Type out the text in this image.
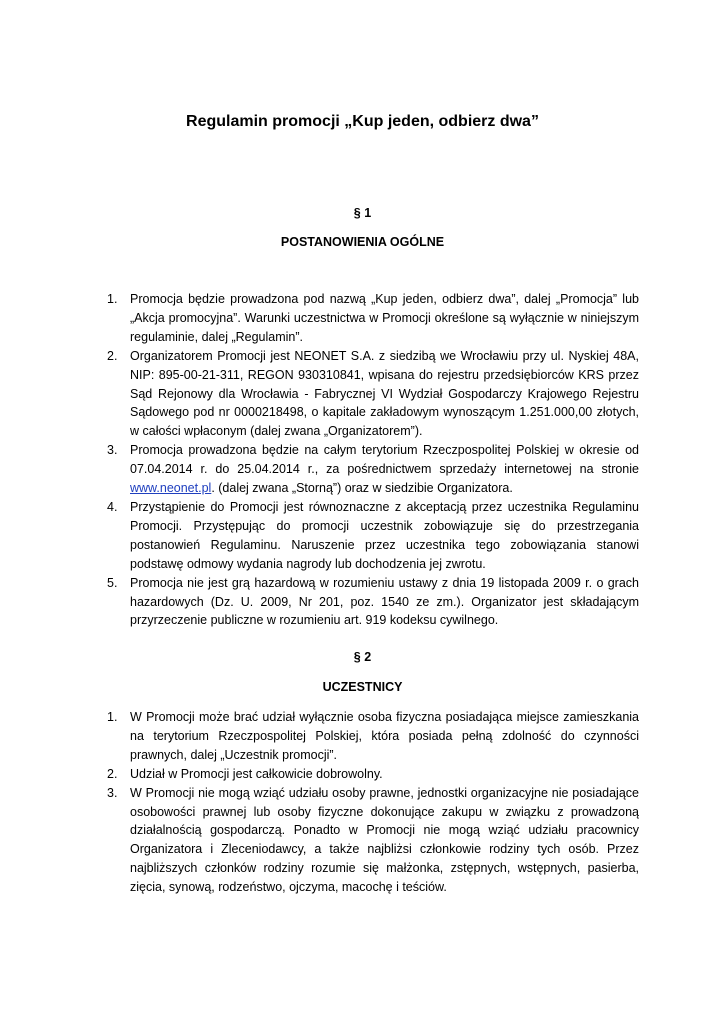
Regulamin promocji „Kup jeden, odbierz dwa”
§ 1
POSTANOWIENIA OGÓLNE
1. Promocja będzie prowadzona pod nazwą „Kup jeden, odbierz dwa”, dalej „Promocja” lub „Akcja promocyjna”. Warunki uczestnictwa w Promocji określone są wyłącznie w niniejszym regulaminie, dalej „Regulamin”.
2. Organizatorem Promocji jest NEONET S.A. z siedzibą we Wrocławiu przy ul. Nyskiej 48A, NIP: 895-00-21-311, REGON 930310841, wpisana do rejestru przedsiębiorców KRS przez Sąd Rejonowy dla Wrocławia - Fabrycznej VI Wydział Gospodarczy Krajowego Rejestru Sądowego pod nr 0000218498, o kapitale zakładowym wynoszącym 1.251.000,00 złotych, w całości wpłaconym (dalej zwana „Organizatorem”).
3. Promocja prowadzona będzie na całym terytorium Rzeczpospolitej Polskiej w okresie od 07.04.2014 r. do 25.04.2014 r., za pośrednictwem sprzedaży internetowej na stronie www.neonet.pl. (dalej zwana „Storną”) oraz w siedzibie Organizatora.
4. Przystąpienie do Promocji jest równoznaczne z akceptacją przez uczestnika Regulaminu Promocji. Przystępując do promocji uczestnik zobowiązuje się do przestrzegania postanowień Regulaminu. Naruszenie przez uczestnika tego zobowiązania stanowi podstawę odmowy wydania nagrody lub dochodzenia jej zwrotu.
5. Promocja nie jest grą hazardową w rozumieniu ustawy z dnia 19 listopada 2009 r. o grach hazardowych (Dz. U. 2009, Nr 201, poz. 1540 ze zm.). Organizator jest składającym przyrzeczenie publiczne w rozumieniu art. 919 kodeksu cywilnego.
§ 2
UCZESTNICY
1. W Promocji może brać udział wyłącznie osoba fizyczna posiadająca miejsce zamieszkania na terytorium Rzeczpospolitej Polskiej, która posiada pełną zdolność do czynności prawnych, dalej „Uczestnik promocji”.
2. Udział w Promocji jest całkowicie dobrowolny.
3. W Promocji nie mogą wziąć udziału osoby prawne, jednostki organizacyjne nie posiadające osobowości prawnej lub osoby fizyczne dokonujące zakupu w związku z prowadzoną działalnością gospodarczą. Ponadto w Promocji nie mogą wziąć udziału pracownicy Organizatora i Zleceniodawcy, a także najbliżsi członkowie rodziny tych osób. Przez najbliższych członków rodziny rozumie się małżonka, zstępnych, wstępnych, pasierba, zięcia, synową, rodzeństwo, ojczyma, macochę i teściów.
